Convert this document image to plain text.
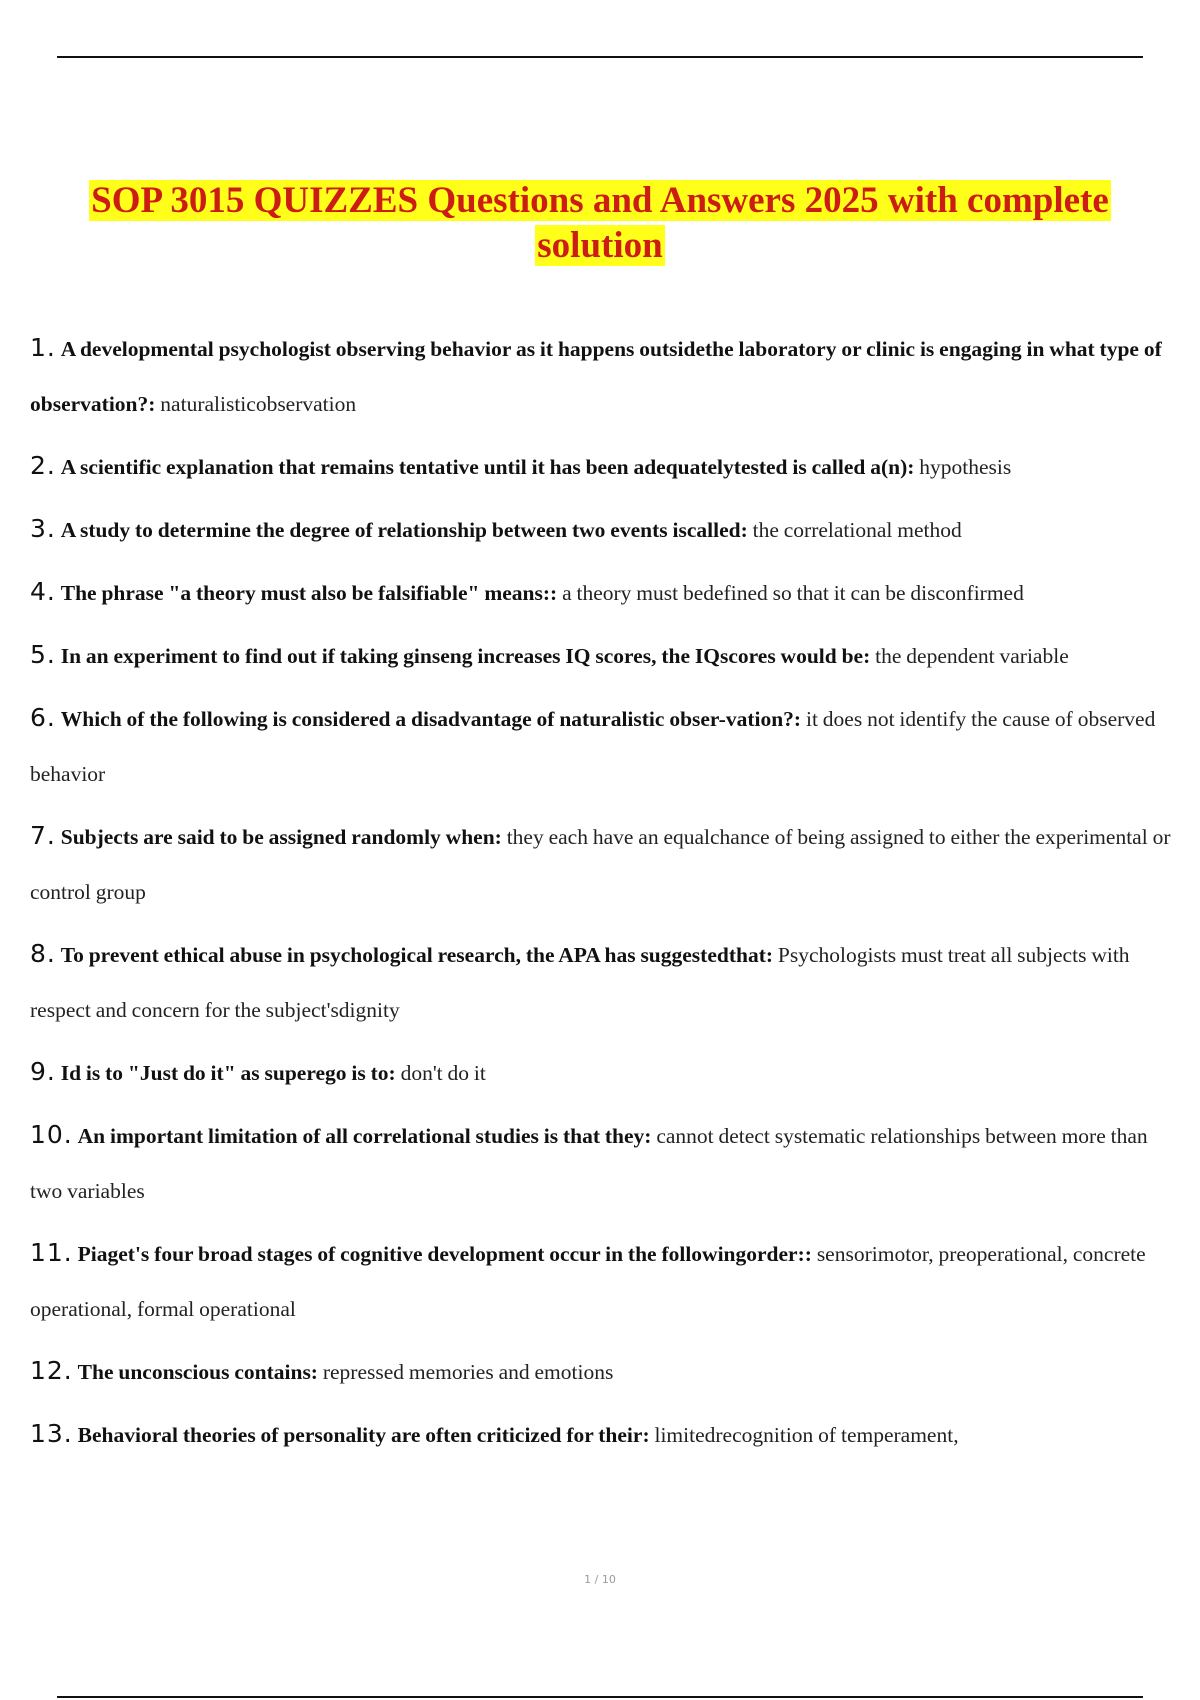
SOP 3015 QUIZZES Questions and Answers 2025 with complete
solution
1. A developmental psychologist observing behavior as it happens outsidethe laboratory or clinic is engaging in what type of observation?: naturalisticobservation
2. A scientific explanation that remains tentative until it has been adequatelytested is called a(n): hypothesis
3. A study to determine the degree of relationship between two events iscalled: the correlational method
4. The phrase "a theory must also be falsifiable" means:: a theory must bedefined so that it can be disconfirmed
5. In an experiment to find out if taking ginseng increases IQ scores, the IQscores would be: the dependent variable
6. Which of the following is considered a disadvantage of naturalistic obser-vation?: it does not identify the cause of observed behavior
7. Subjects are said to be assigned randomly when: they each have an equalchance of being assigned to either the experimental or control group
8. To prevent ethical abuse in psychological research, the APA has suggestedthat: Psychologists must treat all subjects with respect and concern for the subject'sdignity
9. Id is to "Just do it" as superego is to: don't do it
10. An important limitation of all correlational studies is that they: cannot detect systematic relationships between more than two variables
11. Piaget's four broad stages of cognitive development occur in the followingorder:: sensorimotor, preoperational, concrete operational, formal operational
12. The unconscious contains: repressed memories and emotions
13. Behavioral theories of personality are often criticized for their: limitedrecognition of temperament,
1 / 10
